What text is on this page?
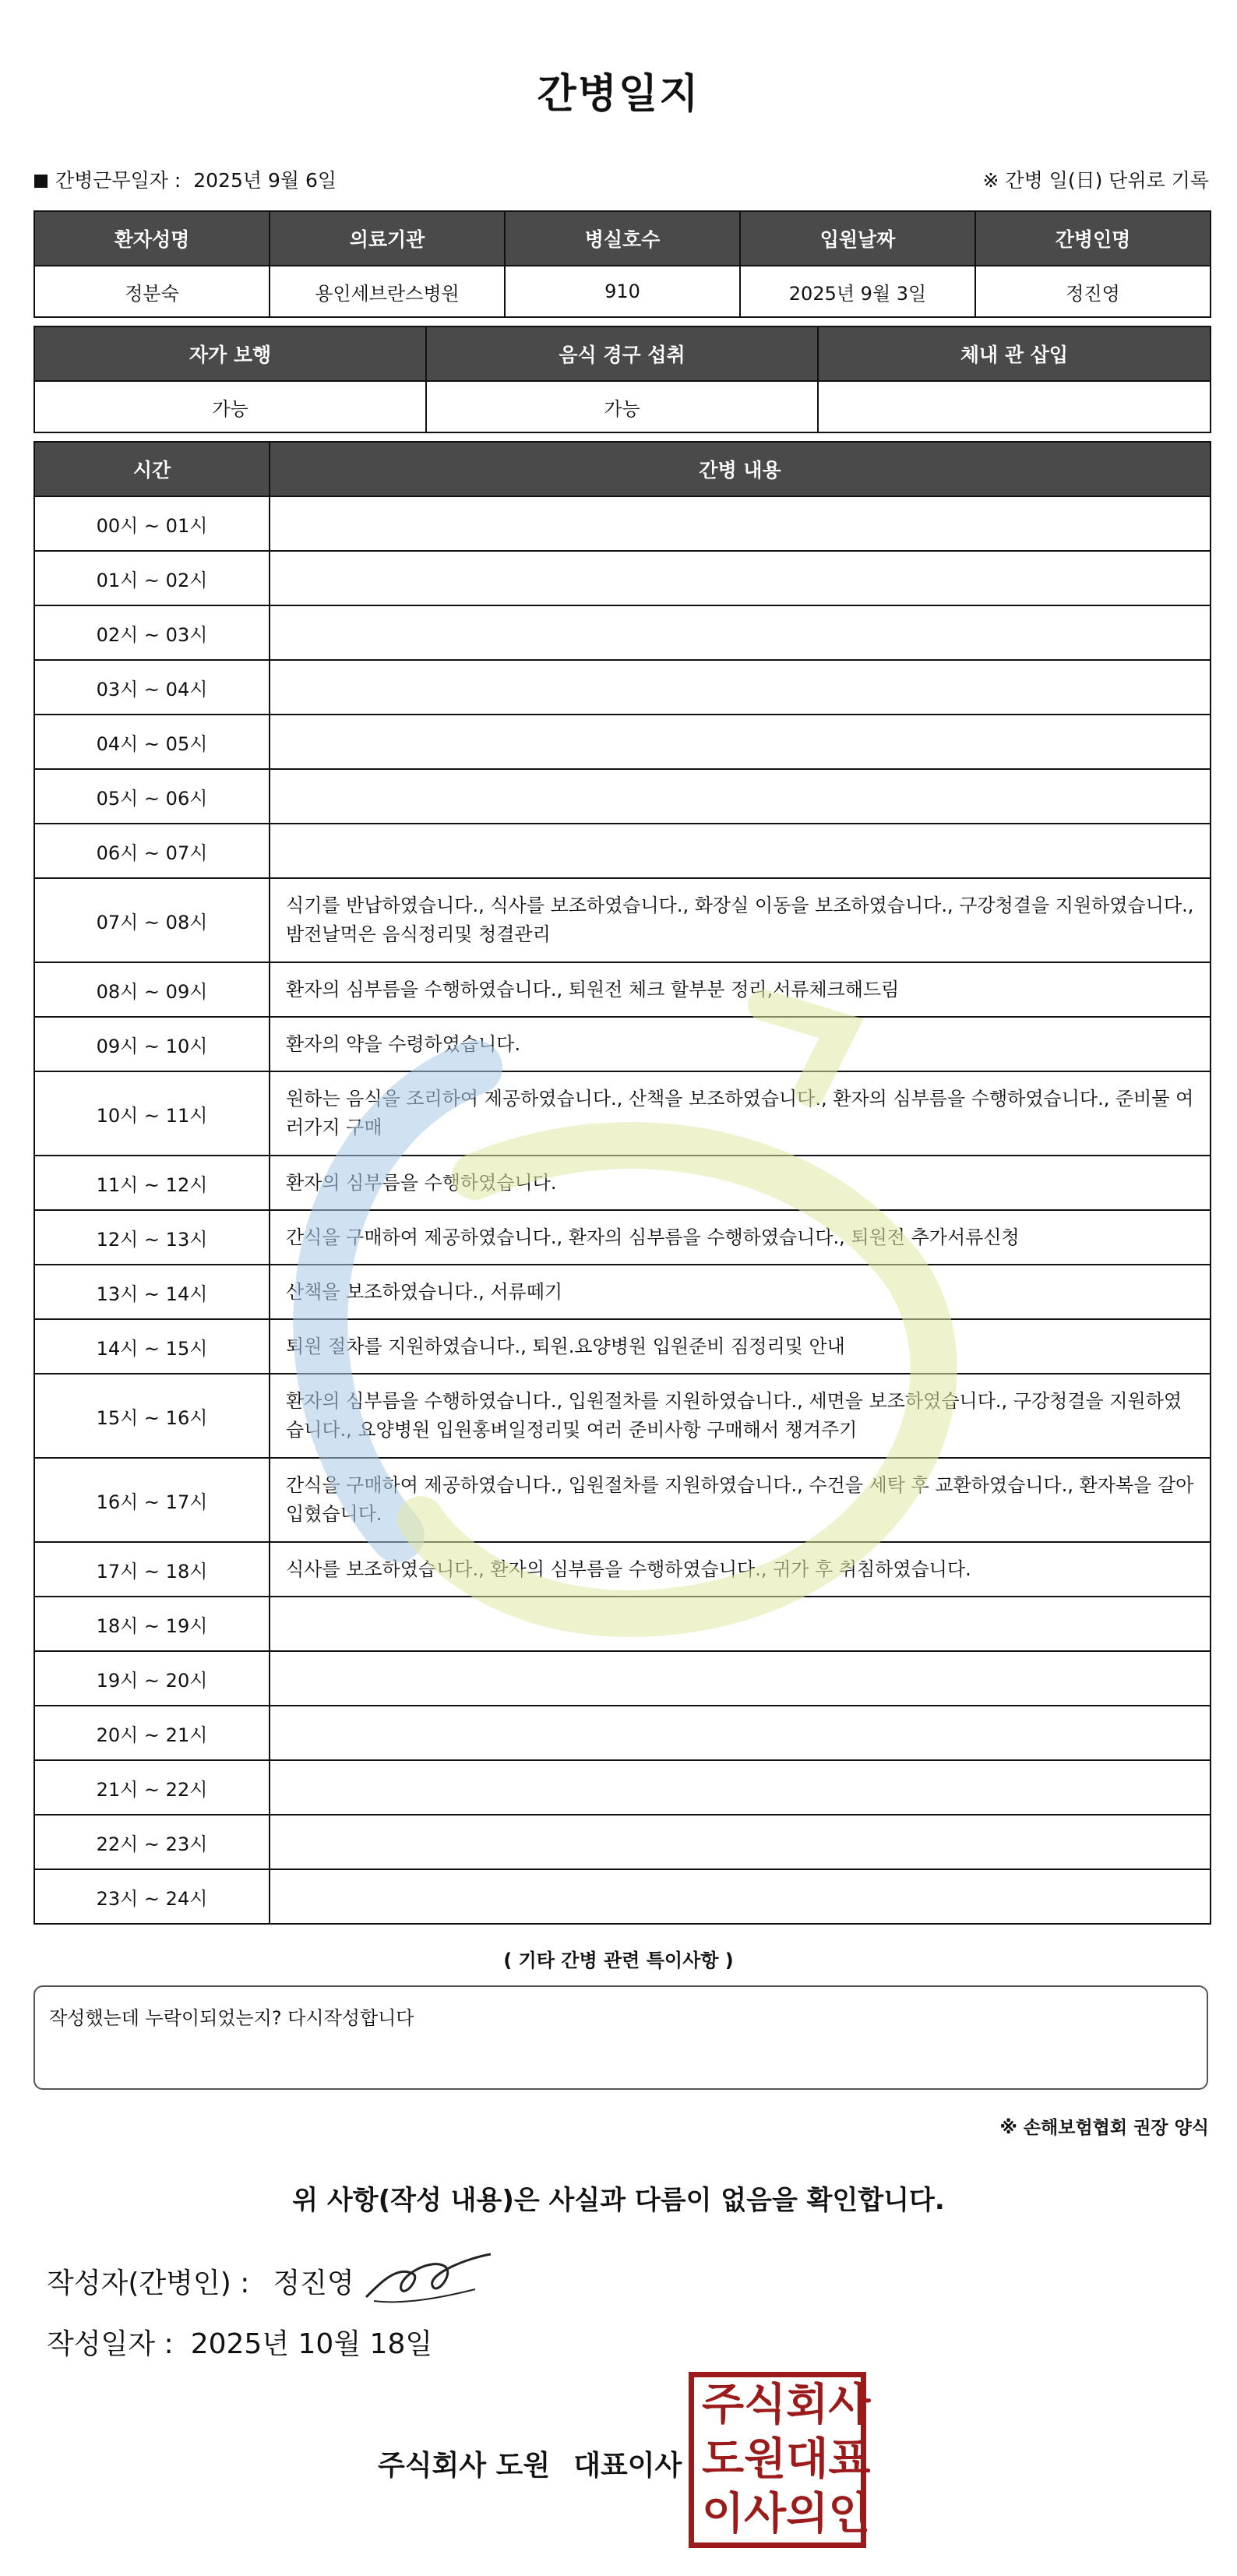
간병일지
간병근무일자 : 2025년 9월 6일	※ 간병 일(日) 단위로 기록
환자성명	의료기관	병실호수	입원날짜	간병인명
정분숙	용인세브란스병원	910	2025년 9월 3일	정진영
자가 보행	음식 경구 섭취	체내 관 삽입
가능	가능	
시간	간병 내용
00시 ~ 01시	
01시 ~ 02시	
02시 ~ 03시	
03시 ~ 04시	
04시 ~ 05시	
05시 ~ 06시	
06시 ~ 07시	
07시 ~ 08시	식기를 반납하였습니다., 식사를 보조하였습니다., 화장실 이동을 보조하였습니다., 구강청결을 지원하였습니다., 밤전날먹은 음식정리및 청결관리
08시 ~ 09시	환자의 심부름을 수행하였습니다., 퇴원전 체크 할부분 정리,서류체크해드림
09시 ~ 10시	환자의 약을 수령하였습니다.
10시 ~ 11시	원하는 음식을 조리하여 제공하였습니다., 산책을 보조하였습니다., 환자의 심부름을 수행하였습니다., 준비물 여러가지 구매
11시 ~ 12시	환자의 심부름을 수행하였습니다.
12시 ~ 13시	간식을 구매하여 제공하였습니다., 환자의 심부름을 수행하였습니다., 퇴원전 추가서류신청
13시 ~ 14시	산책을 보조하였습니다., 서류떼기
14시 ~ 15시	퇴원 절차를 지원하였습니다., 퇴원.요양병원 입원준비 짐정리및 안내
15시 ~ 16시	환자의 심부름을 수행하였습니다., 입원절차를 지원하였습니다., 세면을 보조하였습니다., 구강청결을 지원하였습니다., 요양병원 입원홍벼일정리및 여러 준비사항 구매해서 챙겨주기
16시 ~ 17시	간식을 구매하여 제공하였습니다., 입원절차를 지원하였습니다., 수건을 세탁 후 교환하였습니다., 환자복을 갈아입혔습니다.
17시 ~ 18시	식사를 보조하였습니다., 환자의 심부름을 수행하였습니다., 귀가 후 취침하였습니다.
18시 ~ 19시	
19시 ~ 20시	
20시 ~ 21시	
21시 ~ 22시	
22시 ~ 23시	
23시 ~ 24시	
( 기타 간병 관련 특이사항 )
작성했는데 누락이되었는지? 다시작성합니다
※ 손해보험협회 권장 양식
위 사항(작성 내용)은 사실과 다름이 없음을 확인합니다.
작성자(간병인) : 정진영
작성일자 : 2025년 10월 18일
주식회사 도원 대표이사
주 식 회 사
도 원 대 표
이 사 의 인
